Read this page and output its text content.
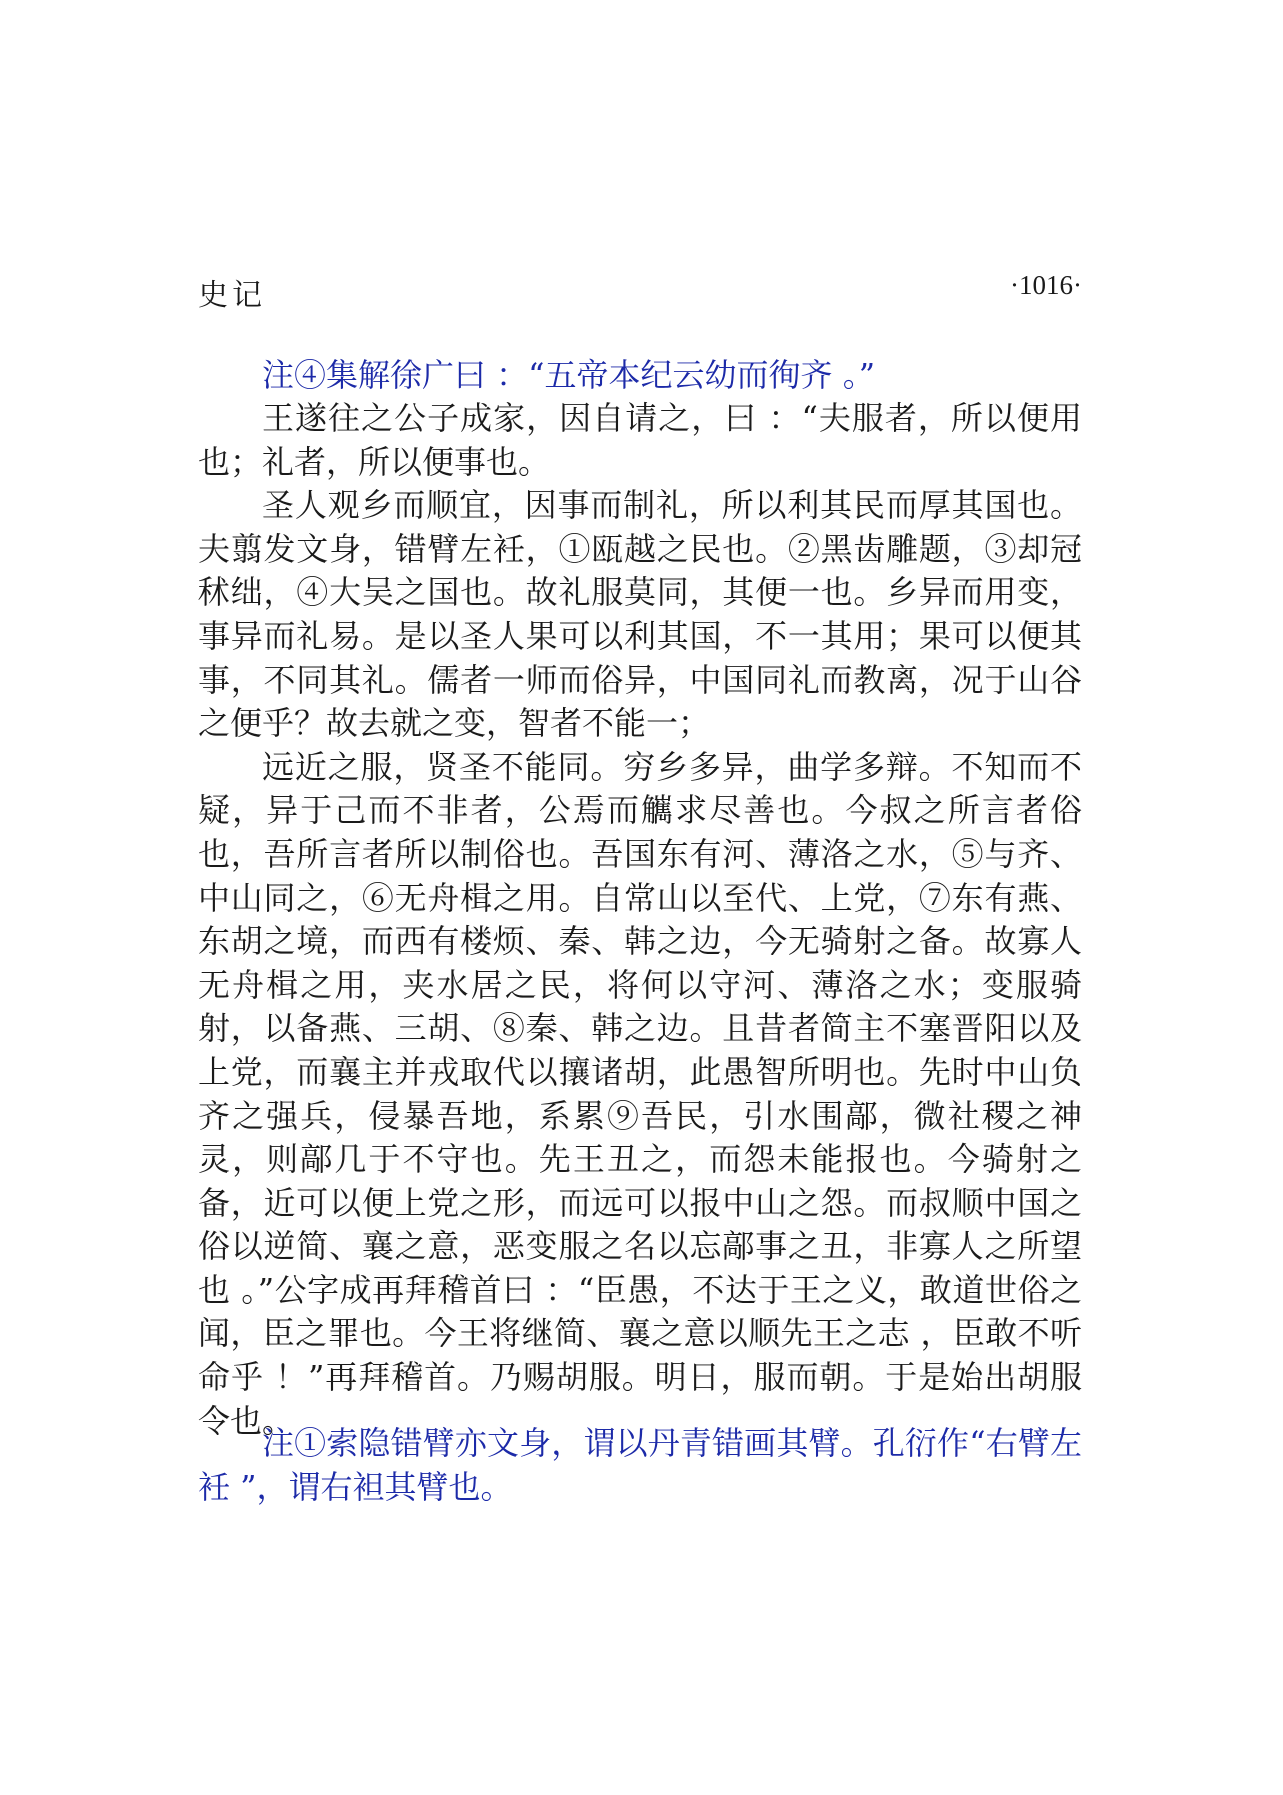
史记	·1016·

注④集解徐广曰 ：“五帝本纪云幼而徇齐 。”

王遂往之公子成家，因自请之，曰 ：“夫服者，所以便用也；礼者，所以便事也。

圣人观乡而顺宜，因事而制礼，所以利其民而厚其国也。夫翦发文身，错臂左衽，①瓯越之民也。②黑齿雕题，③却冠秫绌，④大吴之国也。故礼服莫同，其便一也。乡异而用变，事异而礼易。是以圣人果可以利其国，不一其用；果可以便其事，不同其礼。儒者一师而俗异，中国同礼而教离，况于山谷之便乎？故去就之变，智者不能一；

远近之服，贤圣不能同。穷乡多异，曲学多辩。不知而不疑，异于己而不非者，公焉而觽求尽善也。今叔之所言者俗也，吾所言者所以制俗也。吾国东有河、薄洛之水，⑤与齐、中山同之，⑥无舟楫之用。自常山以至代、上党，⑦东有燕、东胡之境，而西有楼烦、秦、韩之边，今无骑射之备。故寡人无舟楫之用，夹水居之民，将何以守河、薄洛之水；变服骑射，以备燕、三胡、⑧秦、韩之边。且昔者简主不塞晋阳以及上党，而襄主并戎取代以攘诸胡，此愚智所明也。先时中山负齐之强兵，侵暴吾地，系累⑨吾民，引水围鄗，微社稷之神灵，则鄗几于不守也。先王丑之，而怨未能报也。今骑射之备，近可以便上党之形，而远可以报中山之怨。而叔顺中国之俗以逆简、襄之意，恶变服之名以忘鄗事之丑，非寡人之所望也 。”公字成再拜稽首曰 ：“臣愚，不达于王之义，敢道世俗之闻，臣之罪也。今王将继简、襄之意以顺先王之志 ，臣敢不听命乎 ！”再拜稽首。乃赐胡服。明日，服而朝。于是始出胡服令也。

注①索隐错臂亦文身，谓以丹青错画其臂。孔衍作“右臂左衽 ”，谓右袒其臂也。
